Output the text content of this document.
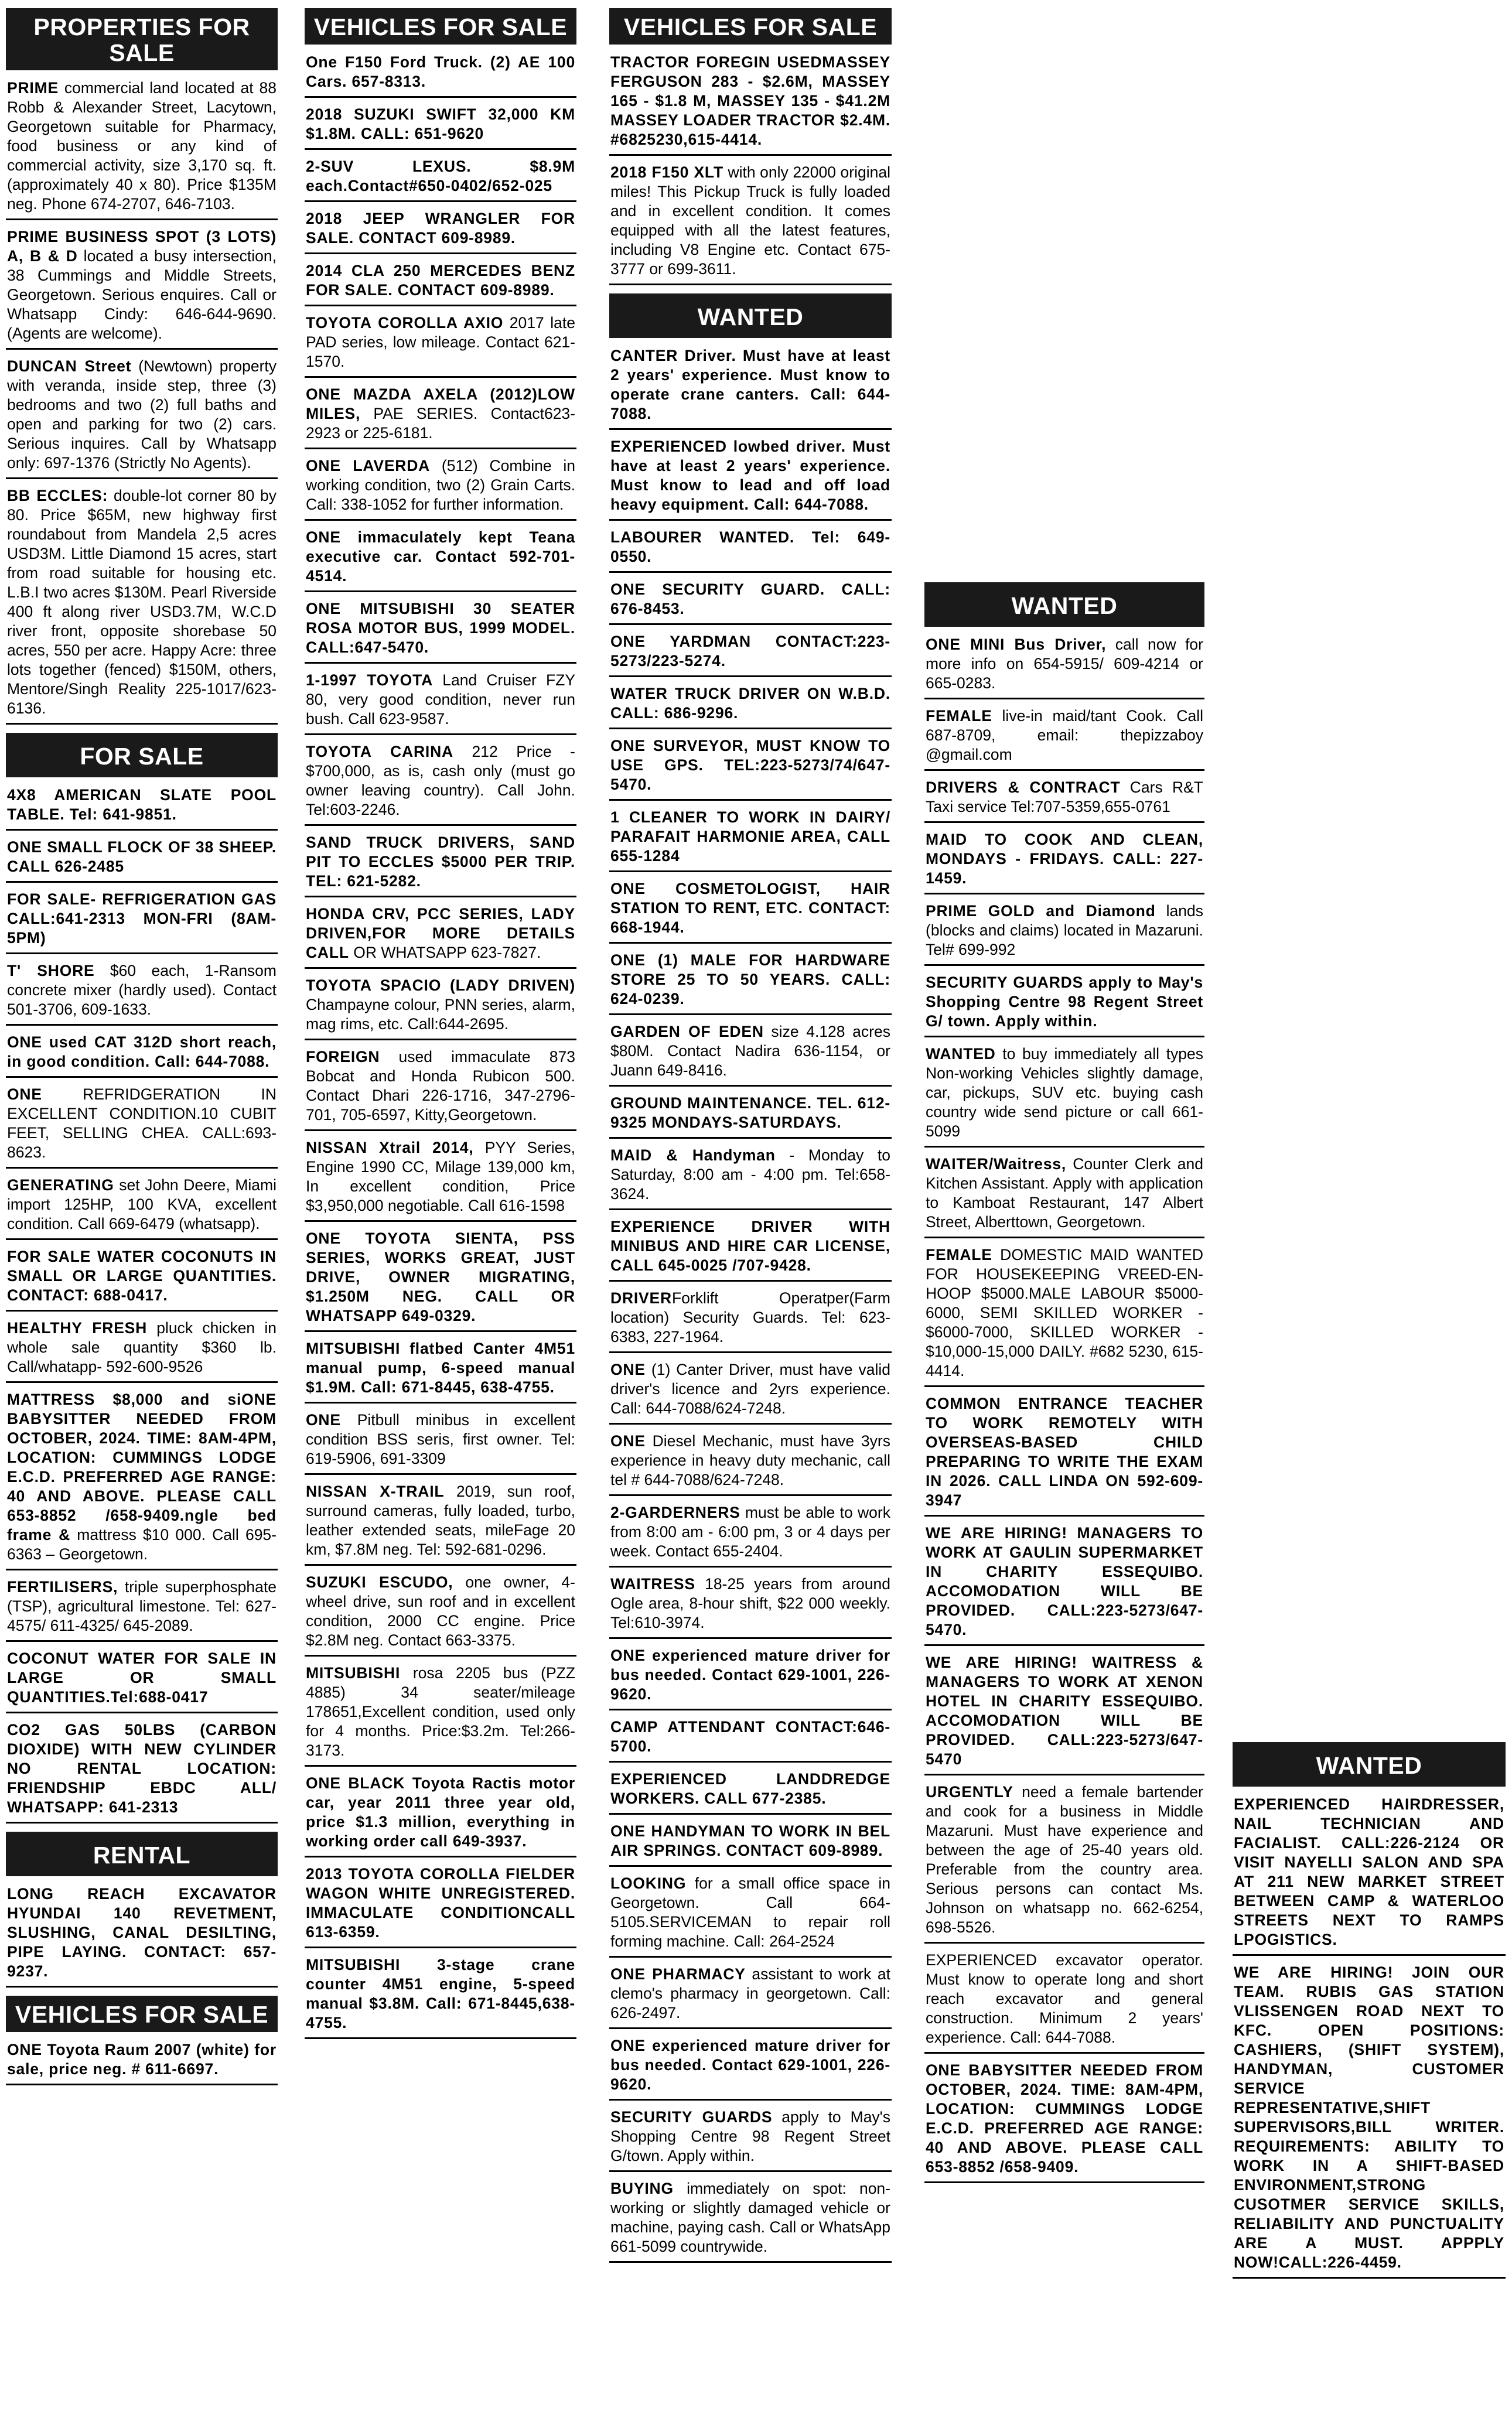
PROPERTIES FOR SALE
PRIME commercial land located at 88 Robb & Alexander Street, Lacytown, Georgetown suitable for Pharmacy, food business or any kind of commercial activity, size 3,170 sq. ft. (approximately 40 x 80). Price $135M neg. Phone 674-2707, 646-7103.
PRIME BUSINESS SPOT (3 LOTS) A, B & D located a busy intersection, 38 Cummings and Middle Streets, Georgetown. Serious enquires. Call or Whatsapp Cindy: 646-644-9690. (Agents are welcome).
DUNCAN Street (Newtown) property with veranda, inside step, three (3) bedrooms and two (2) full baths and open and parking for two (2) cars. Serious inquires. Call by Whatsapp only: 697-1376 (Strictly No Agents).
BB ECCLES: double-lot corner 80 by 80. Price $65M, new highway first roundabout from Mandela 2,5 acres USD3M. Little Diamond 15 acres, start from road suitable for housing etc. L.B.I two acres $130M. Pearl Riverside 400 ft along river USD3.7M, W.C.D river front, opposite shorebase 50 acres, 550 per acre. Happy Acre: three lots together (fenced) $150M, others, Mentore/Singh Reality 225-1017/623-6136.
FOR SALE
4X8 AMERICAN SLATE POOL TABLE. Tel: 641-9851.
ONE SMALL FLOCK OF 38 SHEEP. CALL 626-2485
FOR SALE- REFRIGERATION GAS CALL:641-2313 MON-FRI (8AM-5PM)
T' SHORE $60 each, 1-Ransom concrete mixer (hardly used). Contact 501-3706, 609-1633.
ONE used CAT 312D short reach, in good condition. Call: 644-7088.
ONE REFRIDGERATION IN EXCELLENT CONDITION.10 CUBIT FEET, SELLING CHEA. CALL:693-8623.
GENERATING set John Deere, Miami import 125HP, 100 KVA, excellent condition. Call 669-6479 (whatsapp).
FOR SALE WATER COCONUTS IN SMALL OR LARGE QUANTITIES. CONTACT: 688-0417.
HEALTHY FRESH pluck chicken in whole sale quantity $360 lb. Call/whatapp- 592-600-9526
MATTRESS $8,000 and siONE BABYSITTER NEEDED FROM OCTOBER, 2024. TIME: 8AM-4PM, LOCATION: CUMMINGS LODGE E.C.D. PREFERRED AGE RANGE: 40 AND ABOVE. PLEASE CALL 653-8852 /658-9409.ngle bed frame & mattress $10 000. Call 695-6363 – Georgetown.
FERTILISERS, triple superphosphate (TSP), agricultural limestone. Tel: 627-4575/ 611-4325/ 645-2089.
COCONUT WATER FOR SALE IN LARGE OR SMALL QUANTITIES.Tel:688-0417
CO2 GAS 50LBS (CARBON DIOXIDE) WITH NEW CYLINDER NO RENTAL LOCATION: FRIENDSHIP EBDC ALL/ WHATSAPP: 641-2313
RENTAL
LONG REACH EXCAVATOR HYUNDAI 140 REVETMENT, SLUSHING, CANAL DESILTING, PIPE LAYING. CONTACT: 657-9237.
VEHICLES FOR SALE
ONE Toyota Raum 2007 (white) for sale, price neg. # 611-6697.
VEHICLES FOR SALE
One F150 Ford Truck. (2) AE 100 Cars. 657-8313.
2018 SUZUKI SWIFT 32,000 KM $1.8M. CALL: 651-9620
2-SUV LEXUS. $8.9M each.Contact#650-0402/652-025
2018 JEEP WRANGLER FOR SALE. CONTACT 609-8989.
2014 CLA 250 MERCEDES BENZ FOR SALE. CONTACT 609-8989.
TOYOTA COROLLA AXIO 2017 late PAD series, low mileage. Contact 621-1570.
ONE MAZDA AXELA (2012)LOW MILES, PAE SERIES. Contact623-2923 or 225-6181.
ONE LAVERDA (512) Combine in working condition, two (2) Grain Carts. Call: 338-1052 for further information.
ONE immaculately kept Teana executive car. Contact 592-701-4514.
ONE MITSUBISHI 30 SEATER ROSA MOTOR BUS, 1999 MODEL. CALL:647-5470.
1-1997 TOYOTA Land Cruiser FZY 80, very good condition, never run bush. Call 623-9587.
TOYOTA CARINA 212 Price - $700,000, as is, cash only (must go owner leaving country). Call John. Tel:603-2246.
SAND TRUCK DRIVERS, SAND PIT TO ECCLES $5000 PER TRIP. TEL: 621-5282.
HONDA CRV, PCC SERIES, LADY DRIVEN,FOR MORE DETAILS CALL OR WHATSAPP 623-7827.
TOYOTA SPACIO (LADY DRIVEN) Champayne colour, PNN series, alarm, mag rims, etc. Call:644-2695.
FOREIGN used immaculate 873 Bobcat and Honda Rubicon 500. Contact Dhari 226-1716, 347-2796-701, 705-6597, Kitty,Georgetown.
NISSAN Xtrail 2014, PYY Series, Engine 1990 CC, Milage 139,000 km, In excellent condition, Price $3,950,000 negotiable. Call 616-1598
ONE TOYOTA SIENTA, PSS SERIES, WORKS GREAT, JUST DRIVE, OWNER MIGRATING, $1.250M NEG. CALL OR WHATSAPP 649-0329.
MITSUBISHI flatbed Canter 4M51 manual pump, 6-speed manual $1.9M. Call: 671-8445, 638-4755.
ONE Pitbull minibus in excellent condition BSS seris, first owner. Tel: 619-5906, 691-3309
NISSAN X-TRAIL 2019, sun roof, surround cameras, fully loaded, turbo, leather extended seats, mileFage 20 km, $7.8M neg. Tel: 592-681-0296.
SUZUKI ESCUDO, one owner, 4-wheel drive, sun roof and in excellent condition, 2000 CC engine. Price $2.8M neg. Contact 663-3375.
MITSUBISHI rosa 2205 bus (PZZ 4885) 34 seater/mileage 178651,Excellent condition, used only for 4 months. Price:$3.2m. Tel:266-3173.
ONE BLACK Toyota Ractis motor car, year 2011 three year old, price $1.3 million, everything in working order call 649-3937.
2013 TOYOTA COROLLA FIELDER WAGON WHITE UNREGISTERED. IMMACULATE CONDITIONCALL 613-6359.
MITSUBISHI 3-stage crane counter 4M51 engine, 5-speed manual $3.8M. Call: 671-8445,638-4755.
VEHICLES FOR SALE
TRACTOR FOREGIN USEDMASSEY FERGUSON 283 - $2.6M, MASSEY 165 - $1.8 M, MASSEY 135 - $41.2M MASSEY LOADER TRACTOR $2.4M. #6825230,615-4414.
2018 F150 XLT with only 22000 original miles! This Pickup Truck is fully loaded and in excellent condition. It comes equipped with all the latest features, including V8 Engine etc. Contact 675-3777 or 699-3611.
WANTED
CANTER Driver. Must have at least 2 years' experience. Must know to operate crane canters. Call: 644-7088.
EXPERIENCED lowbed driver. Must have at least 2 years' experience. Must know to lead and off load heavy equipment. Call: 644-7088.
LABOURER WANTED. Tel: 649-0550.
ONE SECURITY GUARD. CALL: 676-8453.
ONE YARDMAN CONTACT:223-5273/223-5274.
WATER TRUCK DRIVER ON W.B.D. CALL: 686-9296.
ONE SURVEYOR, MUST KNOW TO USE GPS. TEL:223-5273/74/647-5470.
1 CLEANER TO WORK IN DAIRY/ PARAFAIT HARMONIE AREA, CALL 655-1284
ONE COSMETOLOGIST, HAIR STATION TO RENT, ETC. CONTACT: 668-1944.
ONE (1) MALE FOR HARDWARE STORE 25 TO 50 YEARS. CALL: 624-0239.
GARDEN OF EDEN size 4.128 acres $80M. Contact Nadira 636-1154, or Juann 649-8416.
GROUND MAINTENANCE. TEL. 612-9325 MONDAYS-SATURDAYS.
MAID & Handyman - Monday to Saturday, 8:00 am - 4:00 pm. Tel:658-3624.
EXPERIENCE DRIVER WITH MINIBUS AND HIRE CAR LICENSE, CALL 645-0025 /707-9428.
DRIVERForklift Operatper(Farm location) Security Guards. Tel: 623-6383, 227-1964.
ONE (1) Canter Driver, must have valid driver's licence and 2yrs experience. Call: 644-7088/624-7248.
ONE Diesel Mechanic, must have 3yrs experience in heavy duty mechanic, call tel # 644-7088/624-7248.
2-GARDERNERS must be able to work from 8:00 am - 6:00 pm, 3 or 4 days per week. Contact 655-2404.
WAITRESS 18-25 years from around Ogle area, 8-hour shift, $22 000 weekly. Tel:610-3974.
ONE experienced mature driver for bus needed. Contact 629-1001, 226-9620.
CAMP ATTENDANT CONTACT:646-5700.
EXPERIENCED LANDDREDGE WORKERS. CALL 677-2385.
ONE HANDYMAN TO WORK IN BEL AIR SPRINGS. CONTACT 609-8989.
LOOKING for a small office space in Georgetown. Call 664-5105.SERVICEMAN to repair roll forming machine. Call: 264-2524
ONE PHARMACY assistant to work at clemo's pharmacy in georgetown. Call: 626-2497.
ONE experienced mature driver for bus needed. Contact 629-1001, 226-9620.
SECURITY GUARDS apply to May's Shopping Centre 98 Regent Street G/town. Apply within.
BUYING immediately on spot: non-working or slightly damaged vehicle or machine, paying cash. Call or WhatsApp 661-5099 countrywide.
WANTED
ONE MINI Bus Driver, call now for more info on 654-5915/ 609-4214 or 665-0283.
FEMALE live-in maid/tant Cook. Call 687-8709, email: thepizzaboy @gmail.com
DRIVERS & CONTRACT Cars R&T Taxi service Tel:707-5359,655-0761
MAID TO COOK AND CLEAN, MONDAYS - FRIDAYS. CALL: 227-1459.
PRIME GOLD and Diamond lands (blocks and claims) located in Mazaruni. Tel# 699-992
SECURITY GUARDS apply to May's Shopping Centre 98 Regent Street G/ town. Apply within.
WANTED to buy immediately all types Non-working Vehicles slightly damage, car, pickups, SUV etc. buying cash country wide send picture or call 661-5099
WAITER/Waitress, Counter Clerk and Kitchen Assistant. Apply with application to Kamboat Restaurant, 147 Albert Street, Alberttown, Georgetown.
FEMALE DOMESTIC MAID WANTED FOR HOUSEKEEPING VREED-EN-HOOP $5000.MALE LABOUR $5000-6000, SEMI SKILLED WORKER - $6000-7000, SKILLED WORKER - $10,000-15,000 DAILY. #682 5230, 615-4414.
COMMON ENTRANCE TEACHER TO WORK REMOTELY WITH OVERSEAS-BASED CHILD PREPARING TO WRITE THE EXAM IN 2026. CALL LINDA ON 592-609-3947
WE ARE HIRING! MANAGERS TO WORK AT GAULIN SUPERMARKET IN CHARITY ESSEQUIBO. ACCOMODATION WILL BE PROVIDED. CALL:223-5273/647-5470.
WE ARE HIRING! WAITRESS & MANAGERS TO WORK AT XENON HOTEL IN CHARITY ESSEQUIBO. ACCOMODATION WILL BE PROVIDED. CALL:223-5273/647-5470
URGENTLY need a female bartender and cook for a business in Middle Mazaruni. Must have experience and between the age of 25-40 years old. Preferable from the country area. Serious persons can contact Ms. Johnson on whatsapp no. 662-6254, 698-5526.
EXPERIENCED excavator operator. Must know to operate long and short reach excavator and general construction. Minimum 2 years' experience. Call: 644-7088.
ONE BABYSITTER NEEDED FROM OCTOBER, 2024. TIME: 8AM-4PM, LOCATION: CUMMINGS LODGE E.C.D. PREFERRED AGE RANGE: 40 AND ABOVE. PLEASE CALL 653-8852 /658-9409.
WANTED
EXPERIENCED HAIRDRESSER, NAIL TECHNICIAN AND FACIALIST. CALL:226-2124 OR VISIT NAYELLI SALON AND SPA AT 211 NEW MARKET STREET BETWEEN CAMP & WATERLOO STREETS NEXT TO RAMPS LPOGISTICS.
WE ARE HIRING! JOIN OUR TEAM. RUBIS GAS STATION VLISSENGEN ROAD NEXT TO KFC. OPEN POSITIONS: CASHIERS, (SHIFT SYSTEM), HANDYMAN, CUSTOMER SERVICE REPRESENTATIVE,SHIFT SUPERVISORS,BILL WRITER. REQUIREMENTS: ABILITY TO WORK IN A SHIFT-BASED ENVIRONMENT,STRONG CUSOTMER SERVICE SKILLS, RELIABILITY AND PUNCTUALITY ARE A MUST. APPPLY NOW!CALL:226-4459.
